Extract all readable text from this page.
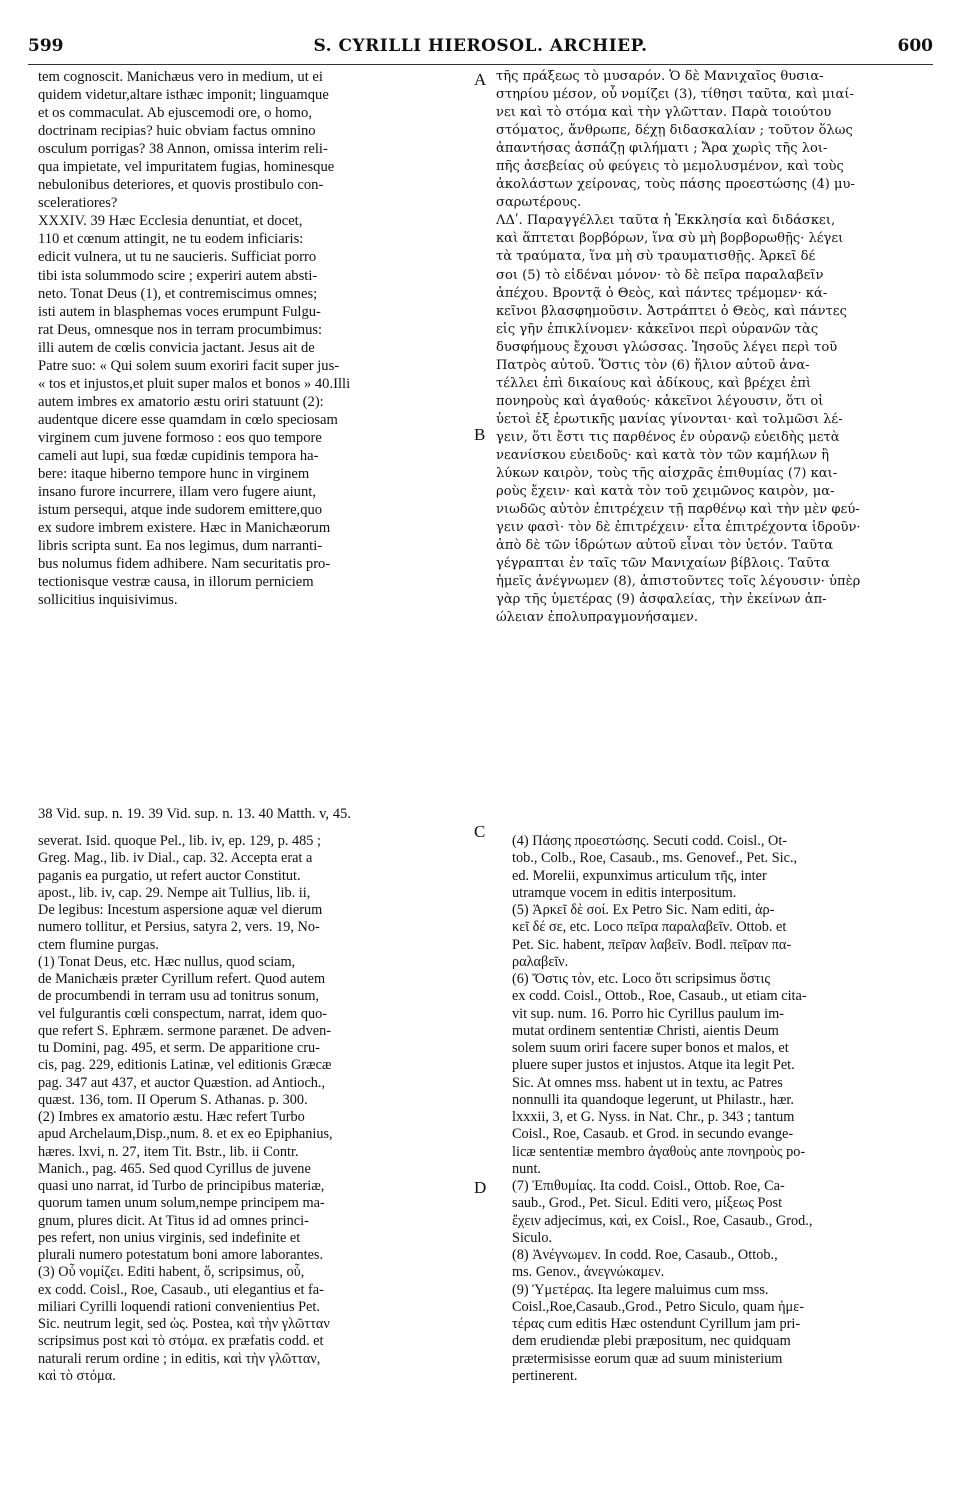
599	S. CYRILLI HIEROSOL. ARCHIEP.	600
tem cognoscit. Manichæus vero in medium, ut ei
quidem videtur,altare isthæc imponit; linguamque
et os commaculat. Ab ejuscemodi ore, o homo,
doctrinam recipias? huic obviam factus omnino
osculum porrigas? 38 Annon, omissa interim reli-
qua impietate, vel impuritatem fugias, hominesque
nebulonibus deteriores, et quovis prostibulo con-
sceleratiores?
XXXIV. 39 Hæc Ecclesia denuntiat, et docet,
110 et cœnum attingit, ne tu eodem inficiaris:
edicit vulnera, ut tu ne saucieris. Sufficiat porro
tibi ista solummodo scire ; experiri autem absti-
neto. Tonat Deus (1), et contremiscimus omnes;
isti autem in blasphemas voces erumpunt Fulgu-
rat Deus, omnesque nos in terram procumbimus:
illi autem de cœlis convicia jactant. Jesus ait de
Patre suo: « Qui solem suum exoriri facit super jus-
« tos et injustos,et pluit super malos et bonos » 40.Illi
autem imbres ex amatorio æstu oriri statuunt (2):
audentque dicere esse quamdam in cœlo speciosam
virginem cum juvene formoso : eos quo tempore
cameli aut lupi, sua fœdæ cupidinis tempora ha-
bere: itaque hiberno tempore hunc in virginem
insano furore incurrere, illam vero fugere aiunt,
istum persequi, atque inde sudorem emittere,quo
ex sudore imbrem existere. Hæc in Manichæorum
libris scripta sunt. Ea nos legimus, dum narranti-
bus nolumus fidem adhibere. Nam securitatis pro-
tectionisque vestræ causa, in illorum perniciem
sollicitius inquisivimus.
τῆς πράξεως τὸ μυσαρόν. Ὁ δὲ Μανιχαῖος θυσια-
στηρίου μέσον, οὗ νομίζει (3), τίθησι ταῦτα, καὶ μιαί-
νει καὶ τὸ στόμα καὶ τὴν γλῶτταν. Παρὰ τοιούτου
στόματος, ἄνθρωπε, δέχῃ διδασκαλίαν ; τοῦτον ὅλως
ἀπαντήσας ἀσπάζῃ φιλήματι ; Ἄρα χωρὶς τῆς λοι-
πῆς ἀσεβείας οὐ φεύγεις τὸ μεμολυσμένον, καὶ τοὺς
ἀκολάστων χείρονας, τοὺς πάσης προεστώσης (4) μυ-
σαρωτέρους.
ΛΔʹ. Παραγγέλλει ταῦτα ἡ Ἐκκλησία καὶ διδάσκει,
καὶ ἅπτεται βορβόρων, ἵνα σὺ μὴ βορβορωθῇς· λέγει
τὰ τραύματα, ἵνα μὴ σὺ τραυματισθῇς. Ἀρκεῖ δέ
σοι (5) τὸ εἰδέναι μόνον· τὸ δὲ πεῖρα παραλαβεῖν
ἀπέχου. Βροντᾷ ὁ Θεὸς, καὶ πάντες τρέμομεν· κά-
κεῖνοι βλασφημοῦσιν. Ἀστράπτει ὁ Θεὸς, καὶ πάντες
εἰς γῆν ἐπικλίνομεν· κἀκεῖνοι περὶ οὐρανῶν τὰς
δυσφήμους ἔχουσι γλώσσας. Ἰησοῦς λέγει περὶ τοῦ
Πατρὸς αὐτοῦ. Ὅστις τὸν (6) ἥλιον αὐτοῦ ἀνα-
τέλλει ἐπὶ δικαίους καὶ ἀδίκους, καὶ βρέχει ἐπὶ
πονηροὺς καὶ ἀγαθούς· κἀκεῖνοι λέγουσιν, ὅτι οἱ
ὑετοὶ ἐξ ἐρωτικῆς μανίας γίνονται· καὶ τολμῶσι λέ-
γειν, ὅτι ἔστι τις παρθένος ἐν οὐρανῷ εὐειδὴς μετὰ
νεανίσκου εὐειδοῦς· καὶ κατὰ τὸν τῶν καμήλων ἢ
λύκων καιρὸν, τοὺς τῆς αἰσχρᾶς ἐπιθυμίας (7) και-
ροὺς ἔχειν· καὶ κατὰ τὸν τοῦ χειμῶνος καιρὸν, μα-
νιωδῶς αὐτὸν ἐπιτρέχειν τῇ παρθένῳ καὶ τὴν μὲν φεύ-
γειν φασὶ· τὸν δὲ ἐπιτρέχειν· εἶτα ἐπιτρέχοντα ἱδροῦν·
ἀπὸ δὲ τῶν ἱδρώτων αὐτοῦ εἶναι τὸν ὑετόν. Ταῦτα
γέγραπται ἐν ταῖς τῶν Μανιχαίων βίβλοις. Ταῦτα
ἡμεῖς ἀνέγνωμεν (8), ἀπιστοῦντες τοῖς λέγουσιν· ὑπὲρ
γὰρ τῆς ὑμετέρας (9) ἀσφαλείας, τὴν ἐκείνων ἀπ-
ώλειαν ἐπολυπραγμονήσαμεν.
A
B
C
D
38 Vid. sup. n. 19. 39 Vid. sup. n. 13. 40 Matth. v, 45.
severat. Isid. quoque Pel., lib. iv, ep. 129, p. 485 ;
Greg. Mag., lib. iv Dial., cap. 32. Accepta erat a
paganis ea purgatio, ut refert auctor Constitut.
apost., lib. iv, cap. 29. Nempe ait Tullius, lib. ii,
De legibus: Incestum aspersione aquæ vel dierum
numero tollitur, et Persius, satyra 2, vers. 19, No-
ctem flumine purgas.
(1) Tonat Deus, etc. Hæc nullus, quod sciam,
de Manichæis præter Cyrillum refert. Quod autem
de procumbendi in terram usu ad tonitrus sonum,
vel fulgurantis cœli conspectum, narrat, idem quo-
que refert S. Ephræm. sermone parænet. De adven-
tu Domini, pag. 495, et serm. De apparitione cru-
cis, pag. 229, editionis Latinæ, vel editionis Græcæ
pag. 347 aut 437, et auctor Quæstion. ad Antioch.,
quæst. 136, tom. II Operum S. Athanas. p. 300.
(2) Imbres ex amatorio æstu. Hæc refert Turbo
apud Archelaum,Disp.,num. 8. et ex eo Epiphanius,
hæres. lxvi, n. 27, item Tit. Bstr., lib. ii Contr.
Manich., pag. 465. Sed quod Cyrillus de juvene
quasi uno narrat, id Turbo de principibus materiæ,
quorum tamen unum solum,nempe principem ma-
gnum, plures dicit. At Titus id ad omnes princi-
pes refert, non unius virginis, sed indefinite et
plurali numero potestatum boni amore laborantes.
(3) Οὗ νομίζει. Editi habent, ὅ, scripsimus, οὗ,
ex codd. Coisl., Roe, Casaub., uti elegantius et fa-
miliari Cyrilli loquendi rationi convenientius Pet.
Sic. neutrum legit, sed ὡς. Postea, καὶ τὴν γλῶτταν
scripsimus post καὶ τὸ στόμα. ex præfatis codd. et
naturali rerum ordine ; in editis, καὶ τὴν γλῶτταν,
καὶ τὸ στόμα.
(4) Πάσης προεστώσης. Secuti codd. Coisl., Ot-
tob., Colb., Roe, Casaub., ms. Genovef., Pet. Sic.,
ed. Morelii, expunximus articulum τῆς, inter
utramque vocem in editis interpositum.
(5) Ἀρκεῖ δὲ σοί. Ex Petro Sic. Nam editi, ἀρ-
κεῖ δέ σε, etc. Loco πεῖρα παραλαβεῖν. Ottob. et
Pet. Sic. habent, πεῖραν λαβεῖν. Bodl. πεῖραν πα-
ραλαβεῖν.
(6) Ὅστις τὸν, etc. Loco ὅτι scripsimus ὅστις
ex codd. Coisl., Ottob., Roe, Casaub., ut etiam cita-
vit sup. num. 16. Porro hic Cyrillus paulum im-
mutat ordinem sententiæ Christi, aientis Deum
solem suum oriri facere super bonos et malos, et
pluere super justos et injustos. Atque ita legit Pet.
Sic. At omnes mss. habent ut in textu, ac Patres
nonnulli ita quandoque legerunt, ut Philastr., hær.
lxxxii, 3, et G. Nyss. in Nat. Chr., p. 343 ; tantum
Coisl., Roe, Casaub. et Grod. in secundo evange-
licæ sententiæ membro ἀγαθοὺς ante πονηροὺς po-
nunt.
(7) Ἐπιθυμίας. Ita codd. Coisl., Ottob. Roe, Ca-
saub., Grod., Pet. Sicul. Editi vero, μίξεως Post
ἔχειν adjecimus, καὶ, ex Coisl., Roe, Casaub., Grod.,
Siculo.
(8) Ἀνέγνωμεν. In codd. Roe, Casaub., Ottob.,
ms. Genov., ἀνεγνώκαμεν.
(9) Ὑμετέρας. Ita legere maluimus cum mss.
Coisl.,Roe,Casaub.,Grod., Petro Siculo, quam ἡμε-
τέρας cum editis Hæc ostendunt Cyrillum jam pri-
dem erudiendæ plebi præpositum, nec quidquam
prætermisisse eorum quæ ad suum ministerium
pertinerent.
